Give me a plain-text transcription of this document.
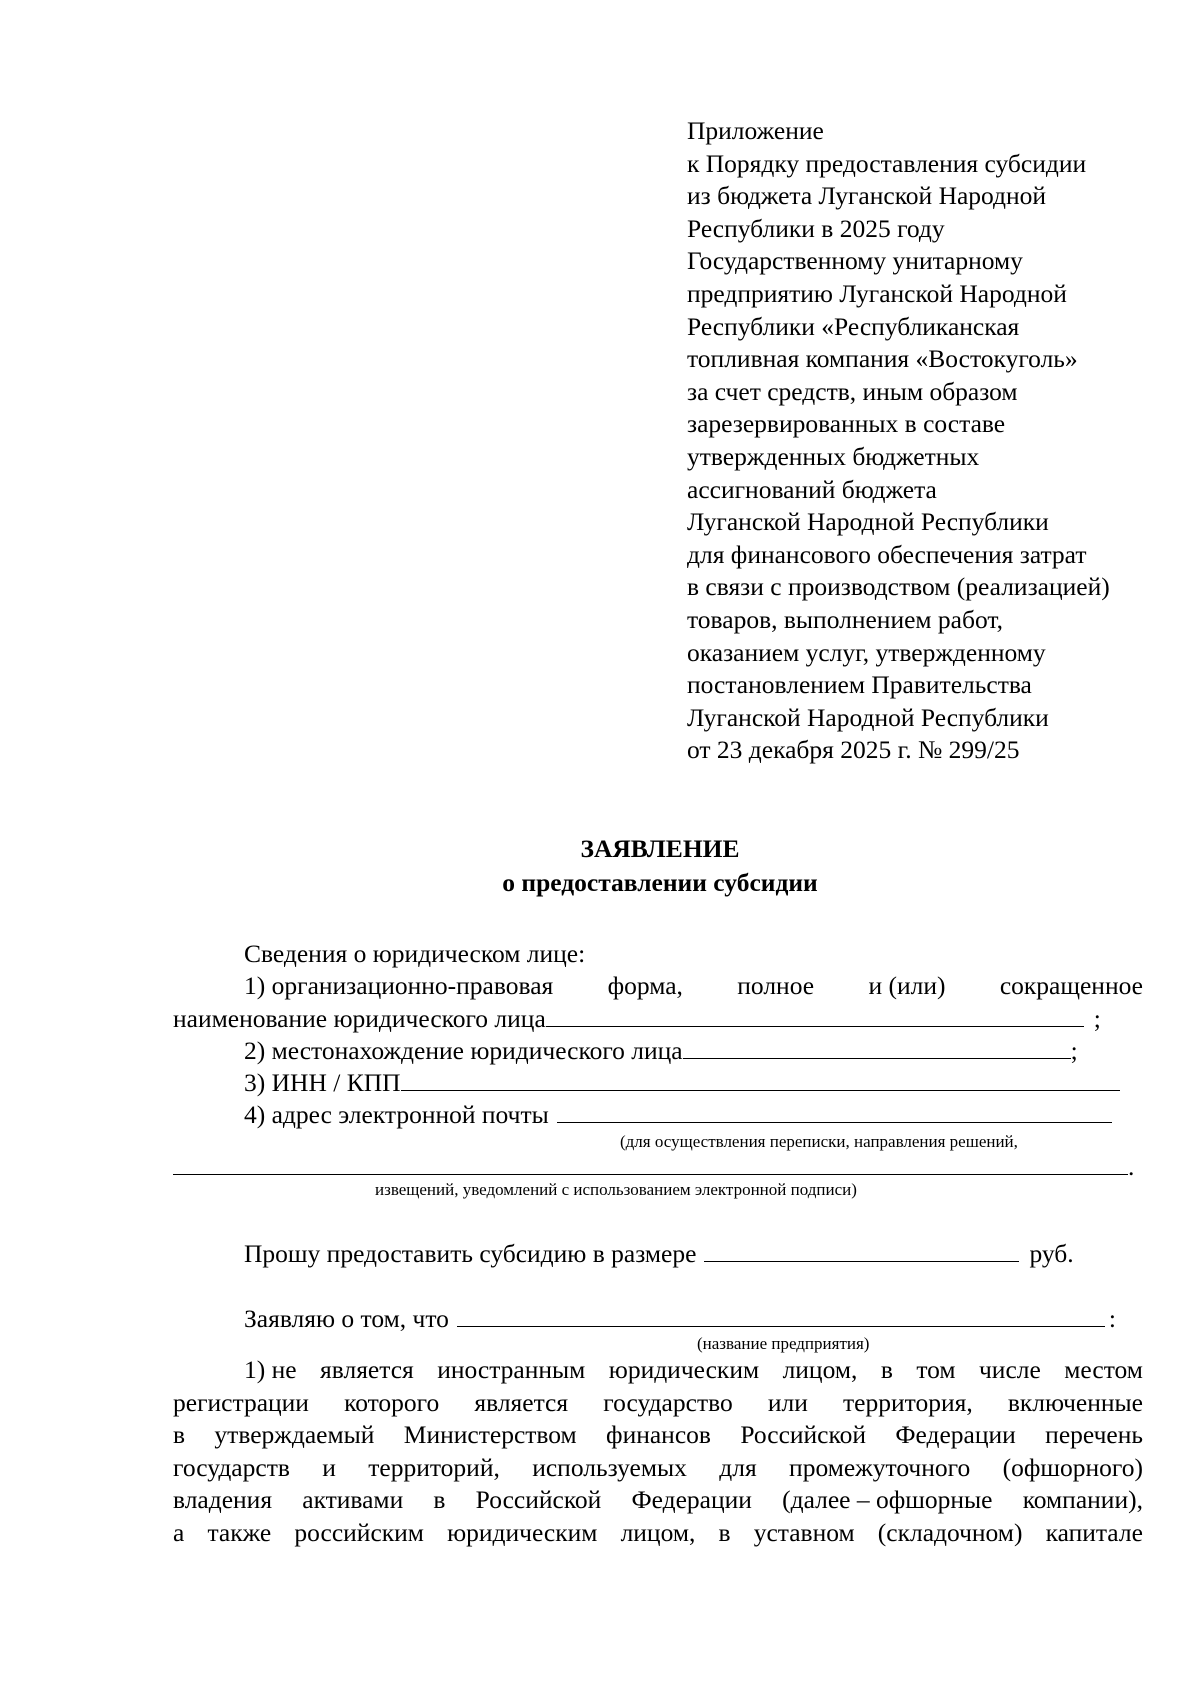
Приложение
к Порядку предоставления субсидии
из бюджета Луганской Народной
Республики в 2025 году
Государственному унитарному
предприятию Луганской Народной
Республики «Республиканская
топливная компания «Востокуголь»
за счет средств, иным образом
зарезервированных в составе
утвержденных бюджетных
ассигнований бюджета
Луганской Народной Республики
для финансового обеспечения затрат
в связи с производством (реализацией)
товаров, выполнением работ,
оказанием услуг, утвержденному
постановлением Правительства
Луганской Народной Республики
от 23 декабря 2025 г. № 299/25
ЗАЯВЛЕНИЕ
о предоставлении субсидии
Сведения о юридическом лице:
1) организационно-правовая форма, полное и (или) сокращенное
наименование юридического лица	;
2) местонахождение юридического лица	;
3) ИНН / КПП
4) адрес электронной почты
(для осуществления переписки, направления решений,
.
извещений, уведомлений с использованием электронной подписи)
Прошу предоставить субсидию в размере	руб.
Заявляю о том, что	:
(название предприятия)
1) не является иностранным юридическим лицом, в том числе местом
регистрации которого является государство или территория, включенные
в утверждаемый Министерством финансов Российской Федерации перечень
государств и территорий, используемых для промежуточного (офшорного)
владения активами в Российской Федерации (далее – офшорные компании),
а также российским юридическим лицом, в уставном (складочном) капитале
